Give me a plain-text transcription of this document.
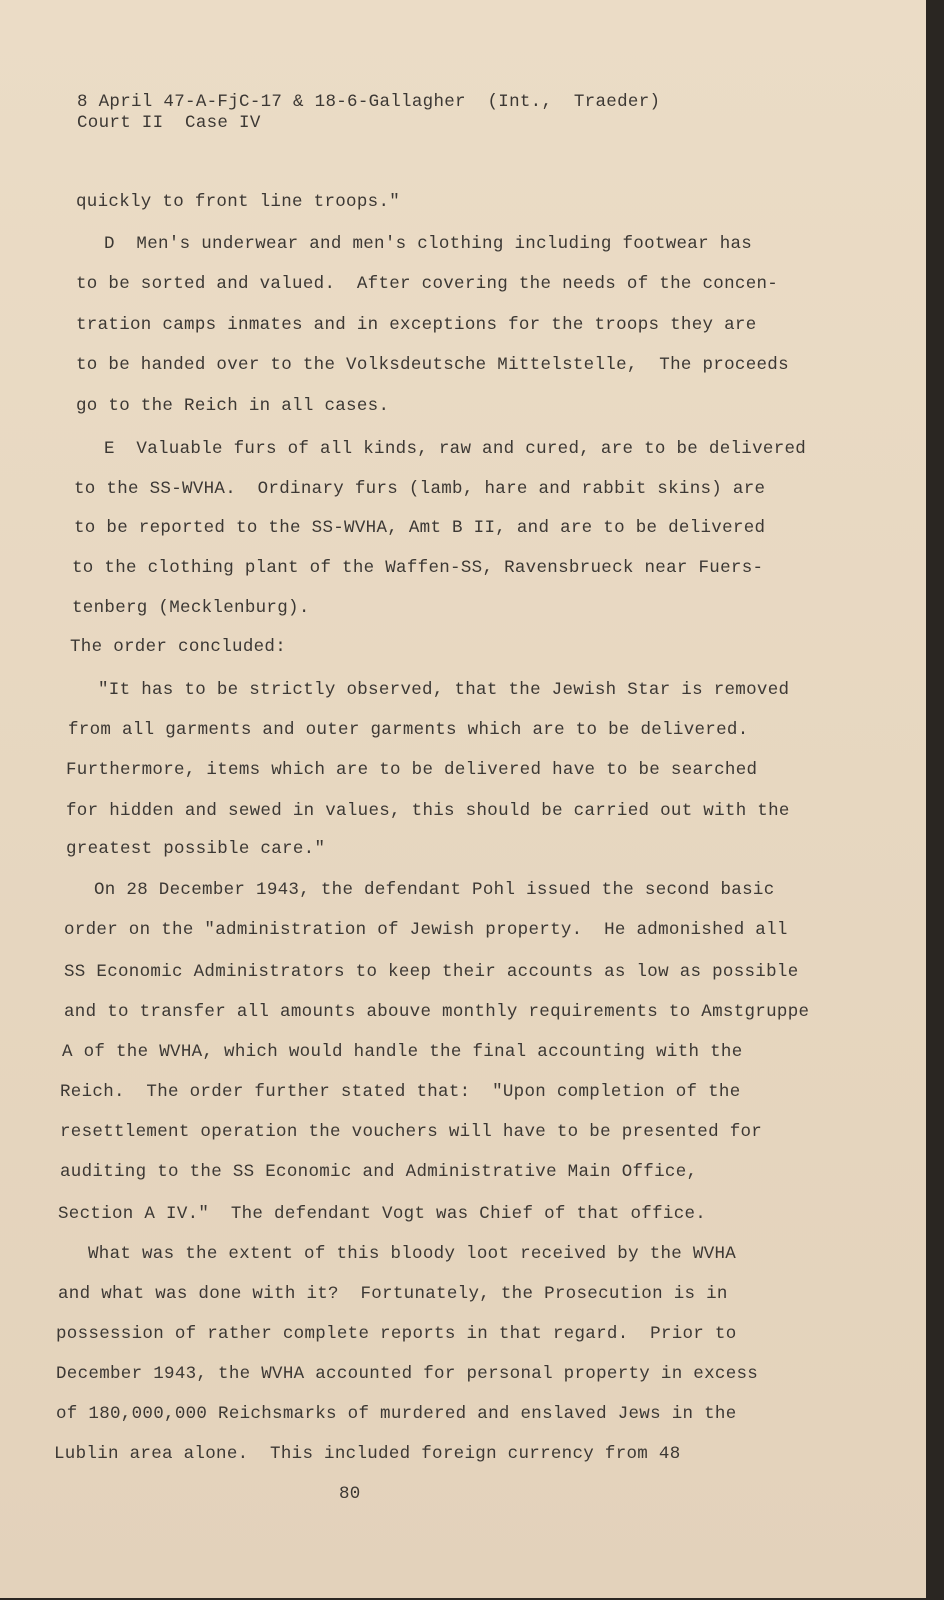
8 April 47-A-FjC-17 & 18-6-Gallagher  (Int.,  Traeder)
Court II  Case IV
quickly to front line troops."
D  Men's underwear and men's clothing including footwear has
to be sorted and valued.  After covering the needs of the concen-
tration camps inmates and in exceptions for the troops they are
to be handed over to the Volksdeutsche Mittelstelle,  The proceeds
go to the Reich in all cases.
E  Valuable furs of all kinds, raw and cured, are to be delivered
to the SS-WVHA.  Ordinary furs (lamb, hare and rabbit skins) are
to be reported to the SS-WVHA, Amt B II, and are to be delivered
to the clothing plant of the Waffen-SS, Ravensbrueck near Fuers-
tenberg (Mecklenburg).
The order concluded:
"It has to be strictly observed, that the Jewish Star is removed
from all garments and outer garments which are to be delivered.
Furthermore, items which are to be delivered have to be searched
for hidden and sewed in values, this should be carried out with the
greatest possible care."
On 28 December 1943, the defendant Pohl issued the second basic
order on the "administration of Jewish property.  He admonished all
SS Economic Administrators to keep their accounts as low as possible
and to transfer all amounts abouve monthly requirements to Amstgruppe
A of the WVHA, which would handle the final accounting with the
Reich.  The order further stated that:  "Upon completion of the
resettlement operation the vouchers will have to be presented for
auditing to the SS Economic and Administrative Main Office,
Section A IV."  The defendant Vogt was Chief of that office.
What was the extent of this bloody loot received by the WVHA
and what was done with it?  Fortunately, the Prosecution is in
possession of rather complete reports in that regard.  Prior to
December 1943, the WVHA accounted for personal property in excess
of 180,000,000 Reichsmarks of murdered and enslaved Jews in the
Lublin area alone.  This included foreign currency from 48
80
